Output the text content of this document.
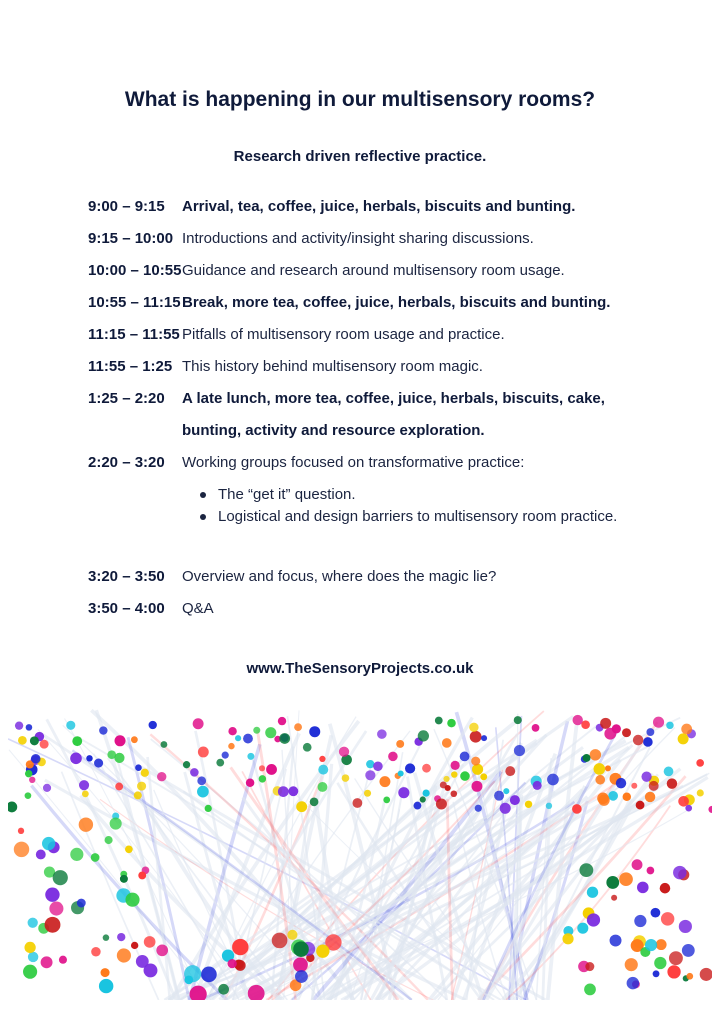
What is happening in our multisensory rooms?
Research driven reflective practice.
9:00 – 9:15	Arrival, tea, coffee, juice, herbals, biscuits and bunting.
9:15 – 10:00 Introductions and activity/insight sharing discussions.
10:00 – 10:55 Guidance and research around multisensory room usage.
10:55 – 11:15 Break, more tea, coffee, juice, herbals, biscuits and bunting.
11:15 – 11:55 Pitfalls of multisensory room usage and practice.
11:55 – 1:25 This history behind multisensory room magic.
1:25 – 2:20	A late lunch, more tea, coffee, juice, herbals, biscuits, cake, bunting, activity and resource exploration.
2:20 – 3:20	Working groups focused on transformative practice:
The “get it” question.
Logistical and design barriers to multisensory room practice.
3:20 – 3:50	Overview and focus, where does the magic lie?
3:50 – 4:00	Q&A
www.TheSensoryProjects.co.uk
